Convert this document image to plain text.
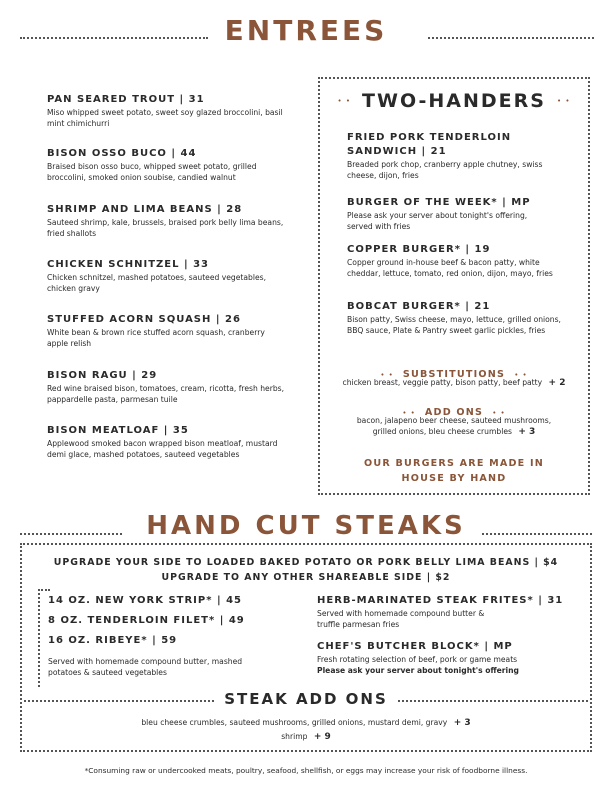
ENTREES
PAN SEARED TROUT | 31
Miso whipped sweet potato, sweet soy glazed broccolini, basil mint chimichurri
BISON OSSO BUCO | 44
Braised bison osso buco, whipped sweet potato, grilled broccolini, smoked onion soubise, candied walnut
SHRIMP AND LIMA BEANS | 28
Sauteed shrimp, kale, brussels, braised pork belly lima beans, fried shallots
CHICKEN SCHNITZEL | 33
Chicken schnitzel, mashed potatoes, sauteed vegetables, chicken gravy
STUFFED ACORN SQUASH | 26
White bean & brown rice stuffed acorn squash, cranberry apple relish
BISON RAGU | 29
Red wine braised bison, tomatoes, cream, ricotta, fresh herbs, pappardelle pasta, parmesan tuile
BISON MEATLOAF | 35
Applewood smoked bacon wrapped bison meatloaf, mustard demi glace, mashed potatoes, sauteed vegetables
• • TWO-HANDERS • •
FRIED PORK TENDERLOIN SANDWICH | 21
Breaded pork chop, cranberry apple chutney, swiss cheese, dijon, fries
BURGER OF THE WEEK* | MP
Please ask your server about tonight's offering, served with fries
COPPER BURGER* | 19
Copper ground in-house beef & bacon patty, white cheddar, lettuce, tomato, red onion, dijon, mayo, fries
BOBCAT BURGER* | 21
Bison patty, Swiss cheese, mayo, lettuce, grilled onions, BBQ sauce, Plate & Pantry sweet garlic pickles, fries
• • SUBSTITUTIONS • •
chicken breast, veggie patty, bison patty, beef patty + 2
• • ADD ONS • •
bacon, jalapeno beer cheese, sauteed mushrooms, grilled onions, bleu cheese crumbles + 3
OUR BURGERS ARE MADE IN HOUSE BY HAND
HAND CUT STEAKS
UPGRADE YOUR SIDE TO LOADED BAKED POTATO OR PORK BELLY LIMA BEANS | $4
UPGRADE TO ANY OTHER SHAREABLE SIDE | $2
14 OZ. NEW YORK STRIP* | 45
8 OZ. TENDERLOIN FILET* | 49
16 OZ. RIBEYE* | 59
Served with homemade compound butter, mashed potatoes & sauteed vegetables
HERB-MARINATED STEAK FRITES* | 31
Served with homemade compound butter & truffle parmesan fries
CHEF'S BUTCHER BLOCK* | MP
Fresh rotating selection of beef, pork or game meats
Please ask your server about tonight's offering
STEAK ADD ONS
bleu cheese crumbles, sauteed mushrooms, grilled onions, mustard demi, gravy + 3
shrimp + 9
*Consuming raw or undercooked meats, poultry, seafood, shellfish, or eggs may increase your risk of foodborne illness.
